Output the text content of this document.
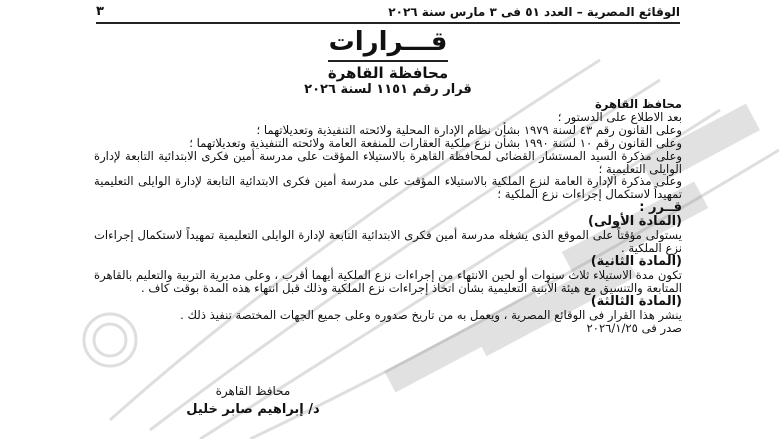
الوقائع المصرية – العدد ٥١ فى ٣ مارس سنة ٢٠٢٦
٣
قـــرارات
محافظة القاهرة
قرار رقم ١١٥١ لسنة ٢٠٢٦

محافظ القاهرة

بعد الاطلاع على الدستور ؛

وعلى القانون رقم ٤٣ لسنة ١٩٧٩ بشأن نظام الإدارة المحلية ولائحته التنفيذية وتعديلاتهما ؛

وعلى القانون رقم ١٠ لسنة ١٩٩٠ بشأن نزع ملكية العقارات للمنفعة العامة ولائحته التنفيذية وتعديلاتهما ؛

وعلى مذكرة السيد المستشار القضائى لمحافظة القاهرة بالاستيلاء المؤقت على مدرسة أمين فكرى الابتدائية التابعة لإدارة الوايلى التعليمية ؛

وعلى مذكرة الإدارة العامة لنزع الملكية بالاستيلاء المؤقت على مدرسة أمين فكرى الابتدائية التابعة لإدارة الوايلى التعليمية تمهيداً لاستكمال إجراءات نزع الملكية ؛

قــرر :

(المادة الأولى)

يستولى مؤقتاً على الموقع الذى يشغله مدرسة أمين فكرى الابتدائية التابعة لإدارة الوايلى التعليمية تمهيداً لاستكمال إجراءات نزع الملكية .

(المادة الثانية)

تكون مدة الاستيلاء ثلاث سنوات أو لحين الانتهاء من إجراءات نزع الملكية أيهما أقرب ، وعلى مديرية التربية والتعليم بالقاهرة المتابعة والتنسيق مع هيئة الأبنية التعليمية بشأن اتخاذ إجراءات نزع الملكية وذلك قبل انتهاء هذه المدة بوقت كاف .

(المادة الثالثة)

ينشر هذا القرار فى الوقائع المصرية ، ويعمل به من تاريخ صدوره وعلى جميع الجهات المختصة تنفيذ ذلك .

صدر فى ٢٠٢٦/١/٢٥

محافظ القاهرة
د/ إبراهيم صابر خليل
